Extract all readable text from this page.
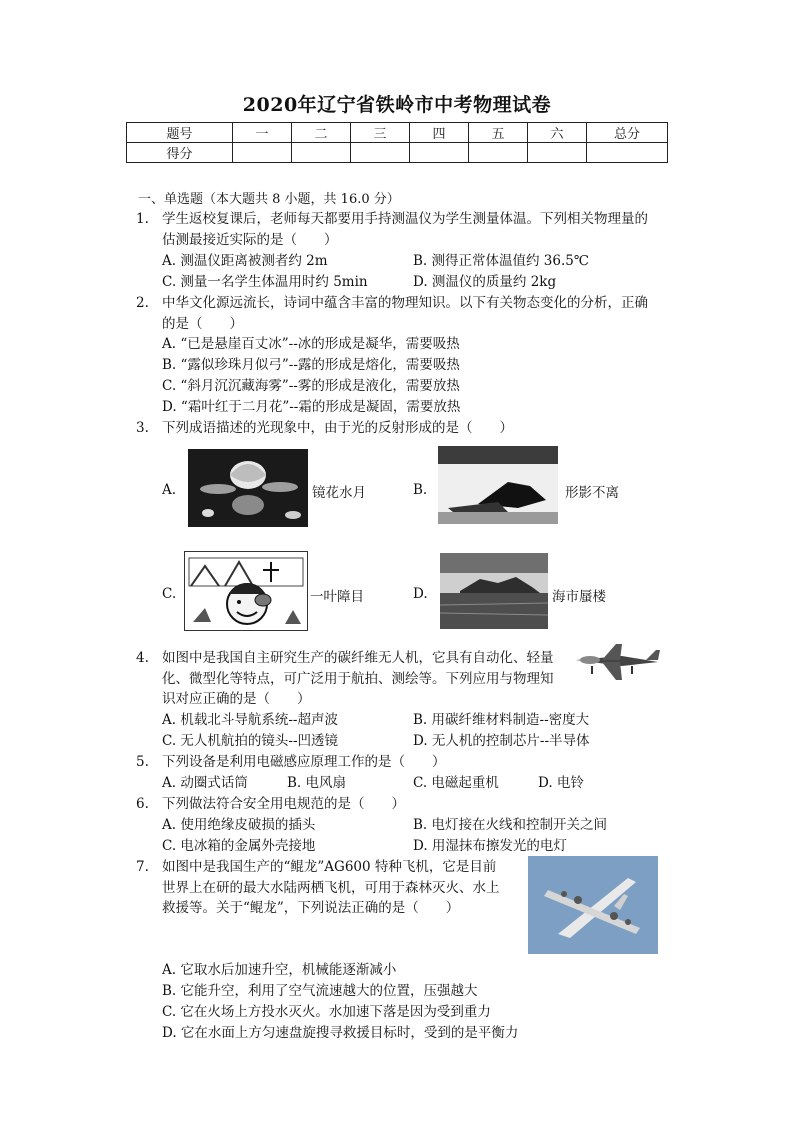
2020年辽宁省铁岭市中考物理试卷
题号	一	二	三	四	五	六	总分
得分							
一、单选题（本大题共 8 小题，共 16.0 分）
1. 学生返校复课后，老师每天都要用手持测温仪为学生测量体温。下列相关物理量的
估测最接近实际的是（　　）
A. 测温仪距离被测者约 2m	B. 测得正常体温值约 36.5℃
C. 测量一名学生体温用时约 5min	D. 测温仪的质量约 2kg
2. 中华文化源远流长，诗词中蕴含丰富的物理知识。以下有关物态变化的分析，正确
的是（　　）
A. “已是悬崖百丈冰”--冰的形成是凝华，需要吸热
B. “露似珍珠月似弓”--露的形成是熔化，需要吸热
C. “斜月沉沉藏海雾”--雾的形成是液化，需要放热
D. “霜叶红于二月花”--霜的形成是凝固，需要放热
3. 下列成语描述的光现象中，由于光的反射形成的是（　　）
A.	镜花水月	B.	形影不离
C.	一叶障目	D.	海市蜃楼
4. 如图中是我国自主研究生产的碳纤维无人机，它具有自动化、轻量
化、微型化等特点，可广泛用于航拍、测绘等。下列应用与物理知
识对应正确的是（　　）
A. 机载北斗导航系统--超声波	B. 用碳纤维材料制造--密度大
C. 无人机航拍的镜头--凹透镜	D. 无人机的控制芯片--半导体
5. 下列设备是利用电磁感应原理工作的是（　　）
A. 动圈式话筒	B. 电风扇	C. 电磁起重机	D. 电铃
6. 下列做法符合安全用电规范的是（　　）
A. 使用绝缘皮破损的插头	B. 电灯接在火线和控制开关之间
C. 电冰箱的金属外壳接地	D. 用湿抹布擦发光的电灯
7. 如图中是我国生产的“鲲龙”AG600 特种飞机，它是目前
世界上在研的最大水陆两栖飞机，可用于森林灭火、水上
救援等。关于“鲲龙”，下列说法正确的是（　　）
A. 它取水后加速升空，机械能逐渐减小
B. 它能升空，利用了空气流速越大的位置，压强越大
C. 它在火场上方投水灭火。水加速下落是因为受到重力
D. 它在水面上方匀速盘旋搜寻救援目标时，受到的是平衡力
